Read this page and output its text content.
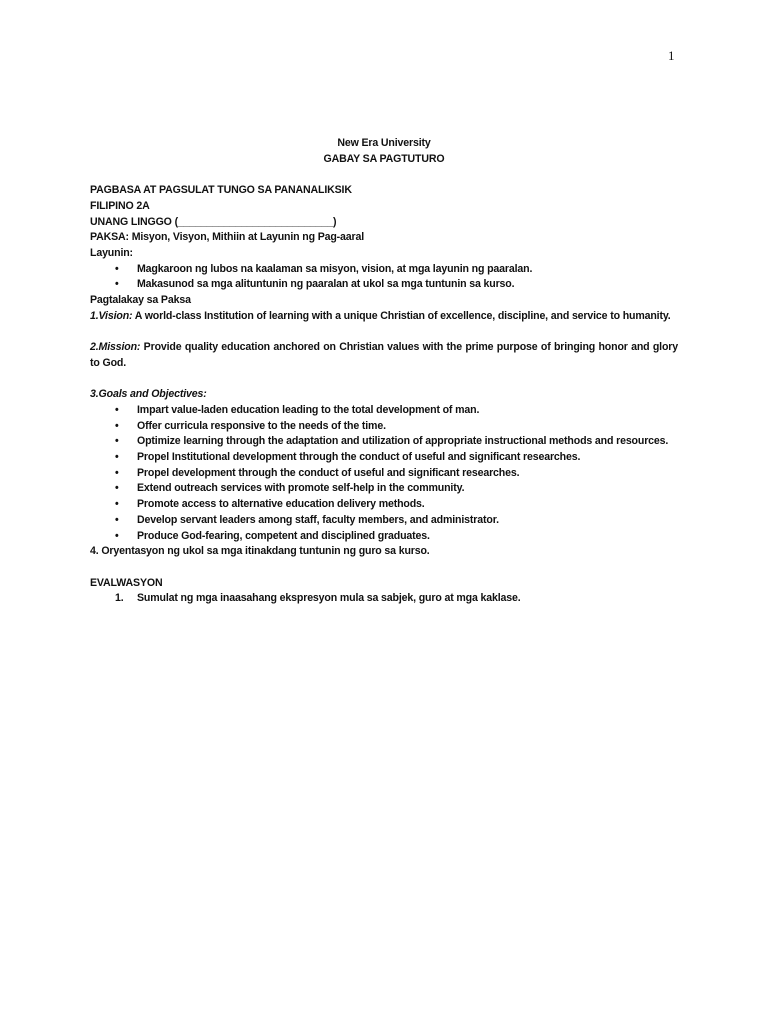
1
New Era University
GABAY SA PAGTUTURO
PAGBASA AT PAGSULAT TUNGO SA PANANALIKSIK
FILIPINO 2A
UNANG LINGGO (___________________________)
PAKSA: Misyon, Visyon, Mithiin at Layunin ng Pag-aaral
Layunin:
• Magkaroon ng lubos na kaalaman sa misyon, vision, at mga layunin ng paaralan.
• Makasunod sa mga alituntunin ng paaralan at ukol sa mga tuntunin sa kurso.
Pagtalakay sa Paksa
1.Vision: A world-class Institution of learning with a unique Christian of excellence, discipline, and service to humanity.
2.Mission: Provide quality education anchored on Christian values with the prime purpose of bringing honor and glory to God.
3.Goals and Objectives:
• Impart value-laden education leading to the total development of man.
• Offer curricula responsive to the needs of the time.
• Optimize learning through the adaptation and utilization of appropriate instructional methods and resources.
• Propel Institutional development through the conduct of useful and significant researches.
• Propel development through the conduct of useful and significant researches.
• Extend outreach services with promote self-help in the community.
• Promote access to alternative education delivery methods.
• Develop servant leaders among staff, faculty members, and administrator.
• Produce God-fearing, competent and disciplined graduates.
4. Oryentasyon ng ukol sa mga itinakdang tuntunin ng guro sa kurso.
EVALWASYON
1. Sumulat ng mga inaasahang ekspresyon mula sa sabjek, guro at mga kaklase.
